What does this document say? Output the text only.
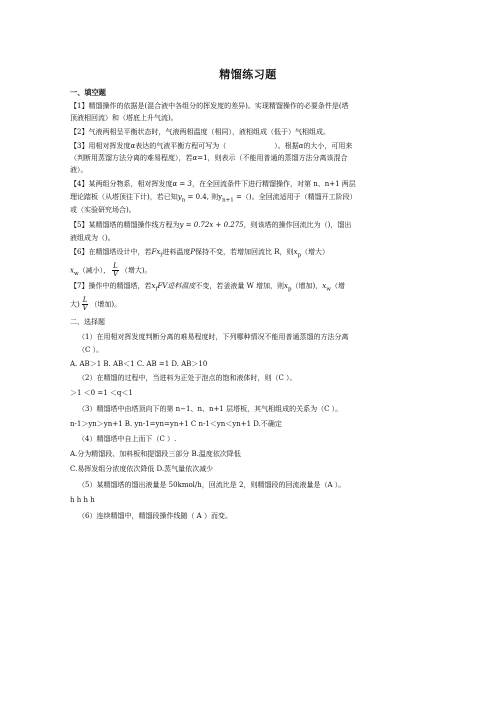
精馏练习题
一、填空题
【1】精馏操作的依据是(混合液中各组分的挥发度的差异)。实现精馏操作的必要条件是(塔
顶液相回流）和（塔底上升气流)。
【2】气液两相呈平衡状态时，气液两相温度（相同），液相组成（低于）气相组成。
【3】用相对挥发度α表达的气液平衡方程可写为（	）。根据α的大小，可用来
（判断用蒸馏方法分离的难易程度），若α=1，则表示（不能用普通的蒸馏方法分离该混合
液）。
【4】某两组分物系，相对挥发度α = 3，在全回流条件下进行精馏操作，对第 n、n+1 两层
理论踏板（从塔顶往下计)，若已知$y_n = 0.4$, 则$y_{n+1}$ =（)。全回流适用于（精馏开工阶段）
或（实验研究场合)。
【5】某精馏塔的精馏操作线方程为y = 0.72x + 0.275，则该塔的操作回流比为（)，馏出
液组成为（)。
【6】在精馏塔设计中，若$Fx_f$进料温度P保持不变，若增加回流比 R，则$x_p$（增大）
$x_w$（减小）， $\frac{L}{V}$ （增大)。
【7】操作中的精馏塔，若$x_fFV$进料温度不变，若釜液量 W 增加，则$x_p$（增加)，$x_w$（增
大) $\frac{L}{V}$ （增加)。
二、选择题
（1）在用相对挥发度判断分离的难易程度时，下列哪种情况不能用普通蒸馏的方法分离
（C ）。
A. AB＞1 B. AB＜1 C. AB =1 D. AB＞10
（2）在精馏的过程中，当进料为正处于泡点的饱和液体时，则（C ）。
＞1 ＜0 =1 ＜q＜1
（3）精馏塔中由塔顶向下的第 n−1、n、n+1 层塔板，其气相组成的关系为（C ）。
n-1＞yn＞yn+1 B. yn-1=yn=yn+1 C n-1＜yn＜yn+1 D.不确定
（4）精馏塔中自上而下（C ）.
A.分为精馏段、加料板和提馏段三部分 B.温度依次降低
C.易挥发组分浓度依次降低 D.蒸气量依次减少
（5）某精馏塔的馏出液量是 50kmol/h，回流比是 2，则精馏段的回流液量是（A ）。
h h h h
（6）连续精馏中，精馏段操作线随（ A ）而变。
